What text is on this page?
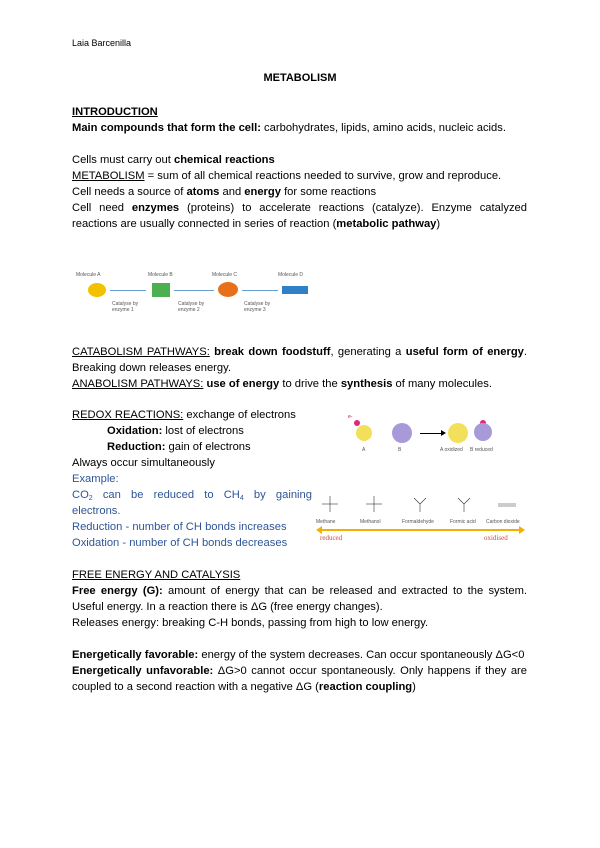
Laia Barcenilla
METABOLISM
INTRODUCTION
Main compounds that form the cell: carbohydrates, lipids, amino acids, nucleic acids.
Cells must carry out chemical reactions
METABOLISM = sum of all chemical reactions needed to survive, grow and reproduce.
Cell needs a source of atoms and energy for some reactions
Cell need enzymes (proteins) to accelerate reactions (catalyze). Enzyme catalyzed reactions are usually connected in series of reaction (metabolic pathway)
Molecule A	Molecule B	Molecule C	Molecule D
Catalyse by enzyme 1
Catalyse by enzyme 2
Catalyse by enzyme 3
CATABOLISM PATHWAYS: break down foodstuff, generating a useful form of energy. Breaking down releases energy.
ANABOLISM PATHWAYS: use of energy to drive the synthesis of many molecules.
REDOX REACTIONS: exchange of electrons
Oxidation: lost of electrons
Reduction: gain of electrons
Always occur simultaneously
Example:
$CO_2$ can be reduced to $CH_4$ by gaining electrons.
Reduction - number of CH bonds increases
Oxidation - number of CH bonds decreases
e-
A	B	A oxidized B reduced
Methane	Methanol	Formaldehyde	Formic acid Carbon dioxide
reduced	oxidised
FREE ENERGY AND CATALYSIS
Free energy (G): amount of energy that can be released and extracted to the system. Useful energy. In a reaction there is ΔG (free energy changes).
Releases energy: breaking C-H bonds, passing from high to low energy.
Energetically favorable: energy of the system decreases. Can occur spontaneously ΔG<0
Energetically unfavorable: ΔG>0 cannot occur spontaneously. Only happens if they are coupled to a second reaction with a negative ΔG (reaction coupling)
